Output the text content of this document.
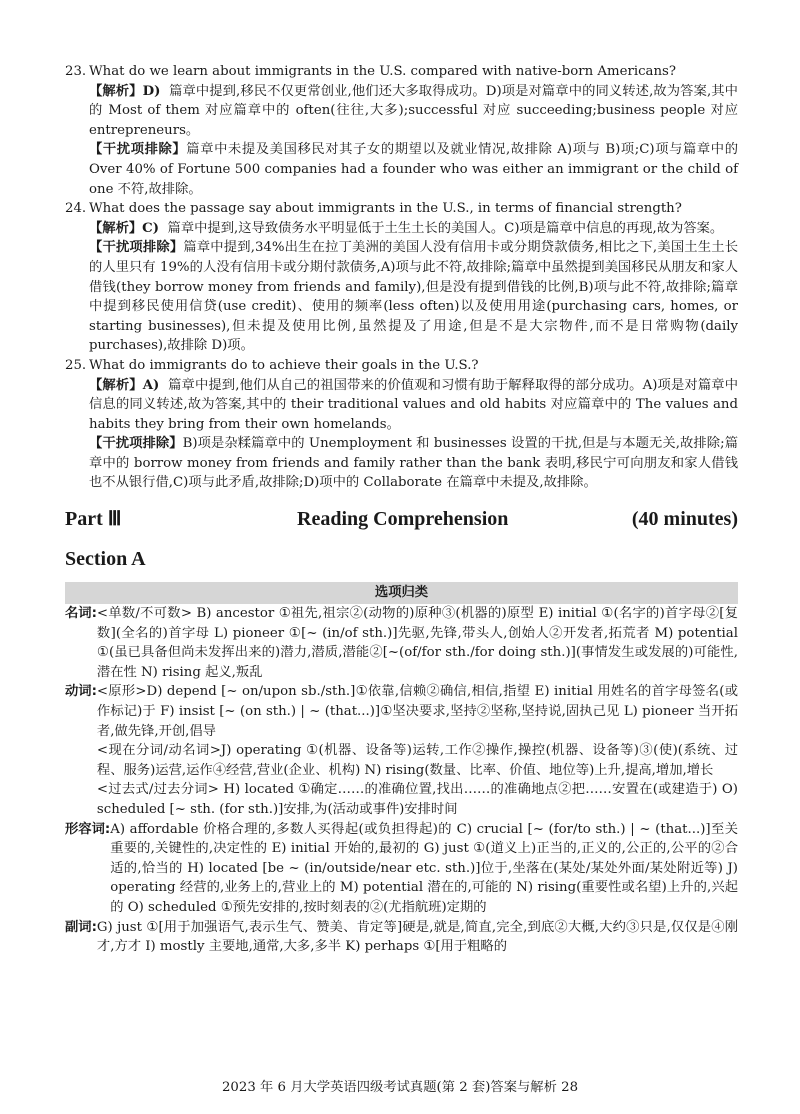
23. What do we learn about immigrants in the U.S. compared with native-born Americans?

【解析】D) 篇章中提到,移民不仅更常创业,他们还大多取得成功。D)项是对篇章中的同义转述,故为答案,其中的 Most of them 对应篇章中的 often(往往,大多);successful 对应 succeeding;business people 对应 entrepreneurs。

【干扰项排除】篇章中未提及美国移民对其子女的期望以及就业情况,故排除 A)项与 B)项;C)项与篇章中的 Over 40% of Fortune 500 companies had a founder who was either an immigrant or the child of one 不符,故排除。

24. What does the passage say about immigrants in the U.S., in terms of financial strength?

【解析】C) 篇章中提到,这导致债务水平明显低于土生土长的美国人。C)项是篇章中信息的再现,故为答案。

【干扰项排除】篇章中提到,34%出生在拉丁美洲的美国人没有信用卡或分期贷款债务,相比之下,美国土生土长的人里只有 19%的人没有信用卡或分期付款债务,A)项与此不符,故排除;篇章中虽然提到美国移民从朋友和家人借钱(they borrow money from friends and family),但是没有提到借钱的比例,B)项与此不符,故排除;篇章中提到移民使用信贷(use credit)、使用的频率(less often)以及使用用途(purchasing cars, homes, or starting businesses),但未提及使用比例,虽然提及了用途,但是不是大宗物件,而不是日常购物(daily purchases),故排除 D)项。

25. What do immigrants do to achieve their goals in the U.S.?

【解析】A) 篇章中提到,他们从自己的祖国带来的价值观和习惯有助于解释取得的部分成功。A)项是对篇章中信息的同义转述,故为答案,其中的 their traditional values and old habits 对应篇章中的 The values and habits they bring from their own homelands。

【干扰项排除】B)项是杂糅篇章中的 Unemployment 和 businesses 设置的干扰,但是与本题无关,故排除;篇章中的 borrow money from friends and family rather than the bank 表明,移民宁可向朋友和家人借钱也不从银行借,C)项与此矛盾,故排除;D)项中的 Collaborate 在篇章中未提及,故排除。

Part Ⅲ	Reading Comprehension	(40 minutes)
Section A
选项归类
名词: <单数/不可数> B) ancestor ①祖先,祖宗②(动物的)原种③(机器的)原型 E) initial ①(名字的)首字母②[复数](全名的)首字母 L) pioneer ①[~ (in/of sth.)]先驱,先锋,带头人,创始人②开发者,拓荒者 M) potential ①(虽已具备但尚未发挥出来的)潜力,潜质,潜能②[~(of/for sth./for doing sth.)](事情发生或发展的)可能性,潜在性 N) rising 起义,叛乱
动词: <原形>D) depend [~ on/upon sb./sth.]①依靠,信赖②确信,相信,指望 E) initial 用姓名的首字母签名(或作标记)于 F) insist [~ (on sth.) | ~ (that...)]①坚决要求,坚持②坚称,坚持说,固执己见 L) pioneer 当开拓者,做先锋,开创,倡导

<现在分词/动名词>J) operating ①(机器、设备等)运转,工作②操作,操控(机器、设备等)③(使)(系统、过程、服务)运营,运作④经营,营业(企业、机构) N) rising(数量、比率、价值、地位等)上升,提高,增加,增长

<过去式/过去分词> H) located ①确定……的准确位置,找出……的准确地点②把……安置在(或建造于) O) scheduled [~ sth. (for sth.)]安排,为(活动或事件)安排时间

形容词: A) affordable 价格合理的,多数人买得起(或负担得起)的 C) crucial [~ (for/to sth.) | ~ (that...)]至关重要的,关键性的,决定性的 E) initial 开始的,最初的 G) just ①(道义上)正当的,正义的,公正的,公平的②合适的,恰当的 H) located [be ~ (in/outside/near etc. sth.)]位于,坐落在(某处/某处外面/某处附近等) J) operating 经营的,业务上的,营业上的 M) potential 潜在的,可能的 N) rising(重要性或名望)上升的,兴起的 O) scheduled ①预先安排的,按时刻表的②(尤指航班)定期的
副词: G) just ①[用于加强语气,表示生气、赞美、肯定等]硬是,就是,简直,完全,到底②大概,大约③只是,仅仅是④刚才,方才 I) mostly 主要地,通常,大多,多半 K) perhaps ①[用于粗略的
2023 年 6 月大学英语四级考试真题(第 2 套)答案与解析 28
